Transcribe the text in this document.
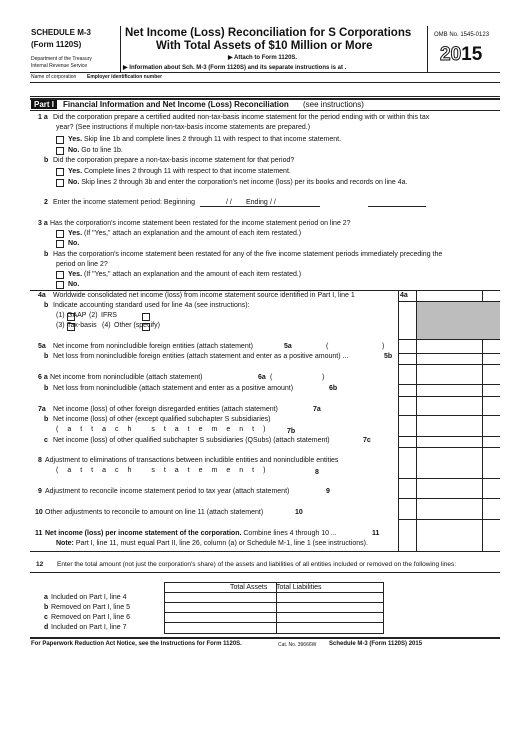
SCHEDULE M-3
(Form 1120S)
Department of the Treasury
Internal Revenue Service
Net Income (Loss) Reconciliation for S Corporations
With Total Assets of $10 Million or More
▶ Attach to Form 1120S.
▶ Information about Sch. M-3 (Form 1120S) and its separate instructions is at .
OMB No. 1545-0123
2015
Name of corporation Employer identification number
Part I	Financial Information and Net Income (Loss) Reconciliation (see instructions)
1 a Did the corporation prepare a certified audited non-tax-basis income statement for the period ending with or within this tax
year? (See instructions if multiple non-tax-basis income statements are prepared.)
Yes. Skip line 1b and complete lines 2 through 11 with respect to that income statement.
No. Go to line 1b.
b Did the corporation prepare a non-tax-basis income statement for that period?
Yes. Complete lines 2 through 11 with respect to that income statement.
No. Skip lines 2 through 3b and enter the corporation's net income (loss) per its books and records on line 4a.
2 Enter the income statement period: Beginning	/ / Ending / /
3 a Has the corporation's income statement been restated for the income statement period on line 2?
Yes. (If "Yes," attach an explanation and the amount of each item restated.)
No.
b Has the corporation's income statement been restated for any of the five income statement periods immediately preceding the
period on line 2?
Yes. (If "Yes," attach an explanation and the amount of each item restated.)
No.
4a Worldwide consolidated net income (loss) from income statement source identified in Part I, line 1	4a
b Indicate accounting standard used for line 4a (see instructions):
(1) GAAP (2) IFRS
(3) Tax-basis (4) Other (specify)
5a Net income from nonincludible foreign entities (attach statement)	5a	(	)
b Net loss from nonincludible foreign entities (attach statement and enter as a positive amount) ...	5b
6 a Net income from nonincludible (attach statement)	6a (	)
b Net loss from nonincludible (attach statement and enter as a positive amount)	6b
7a Net income (loss) of other foreign disregarded entities (attach statement)	7a
b Net income (loss) of other (except qualified subchapter S subsidiaries)
(attach statement) 7b
c Net income (loss) of other qualified subchapter S subsidiaries (QSubs) (attach statement)	7c
8 Adjustment to eliminations of transactions between includible entities and nonincludible entities
(attach statement)	8
9 Adjustment to reconcile income statement period to tax year (attach statement)	9
10 Other adjustments to reconcile to amount on line 11 (attach statement)	10
11 Net income (loss) per income statement of the corporation. Combine lines 4 through 10 ...	11
Note: Part I, line 11, must equal Part II, line 26, column (a) or Schedule M-1, line 1 (see instructions).
12 Enter the total amount (not just the corporation's share) of the assets and liabilities of all entities included or removed on the following lines:
Total Assets Total Liabilities
a Included on Part I, line 4
b Removed on Part I, line 5
c Removed on Part I, line 6
d Included on Part I, line 7
For Paperwork Reduction Act Notice, see the Instructions for Form 1120S.	Cat. No. 39666W Schedule M-3 (Form 1120S) 2015
